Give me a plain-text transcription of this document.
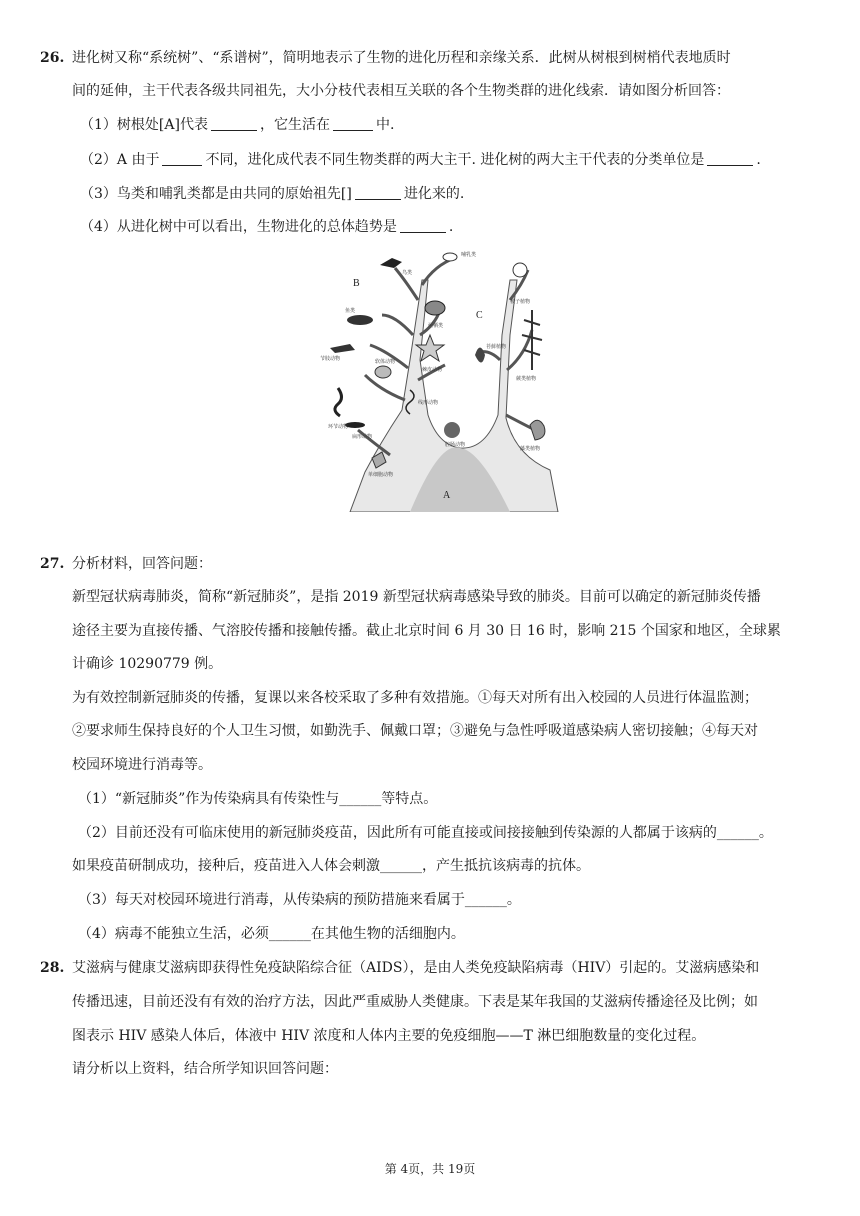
26. 进化树又称“系统树”、“系谱树”，简明地表示了生物的进化历程和亲缘关系．此树从树根到树梢代表地质时
间的延伸，主干代表各级共同祖先，大小分枝代表相互关联的各个生物类群的进化线索．请如图分析回答：
（1）树根处[A]代表	，它生活在	中.
（2）A 由于	不同，进化成代表不同生物类群的两大主干. 进化树的两大主干代表的分类单位是	.
（3）鸟类和哺乳类都是由共同的原始祖先[]	进化来的.
（4）从进化树中可以看出，生物进化的总体趋势是	.
B
C
A
鸟类
哺乳类
鱼类
两栖类
节肢动物	软体动物
棘皮动物
环节动物
线形动物
扁形动物
腔肠动物
单细胞动物
被子植物
苔藓植物
蕨类植物
藻类植物
27. 分析材料，回答问题：
新型冠状病毒肺炎，简称“新冠肺炎”，是指 2019 新型冠状病毒感染导致的肺炎。目前可以确定的新冠肺炎传播
途径主要为直接传播、气溶胶传播和接触传播。截止北京时间 6 月 30 日 16 时，影响 215 个国家和地区，全球累
计确诊 10290779 例。
为有效控制新冠肺炎的传播，复课以来各校采取了多种有效措施。①每天对所有出入校园的人员进行体温监测；
②要求师生保持良好的个人卫生习惯，如勤洗手、佩戴口罩；③避免与急性呼吸道感染病人密切接触；④每天对
校园环境进行消毒等。
（1）“新冠肺炎”作为传染病具有传染性与______等特点。
（2）目前还没有可临床使用的新冠肺炎疫苗，因此所有可能直接或间接接触到传染源的人都属于该病的______。
如果疫苗研制成功，接种后，疫苗进入人体会刺激______，产生抵抗该病毒的抗体。
（3）每天对校园环境进行消毒，从传染病的预防措施来看属于______。
（4）病毒不能独立生活，必须______在其他生物的活细胞内。
28. 艾滋病与健康艾滋病即获得性免疫缺陷综合征（AIDS），是由人类免疫缺陷病毒（HIV）引起的。艾滋病感染和
传播迅速，目前还没有有效的治疗方法，因此严重威胁人类健康。下表是某年我国的艾滋病传播途径及比例；如
图表示 HIV 感染人体后，体液中 HIV 浓度和人体内主要的免疫细胞——T 淋巴细胞数量的变化过程。
请分析以上资料，结合所学知识回答问题：
第 4页，共 19页
